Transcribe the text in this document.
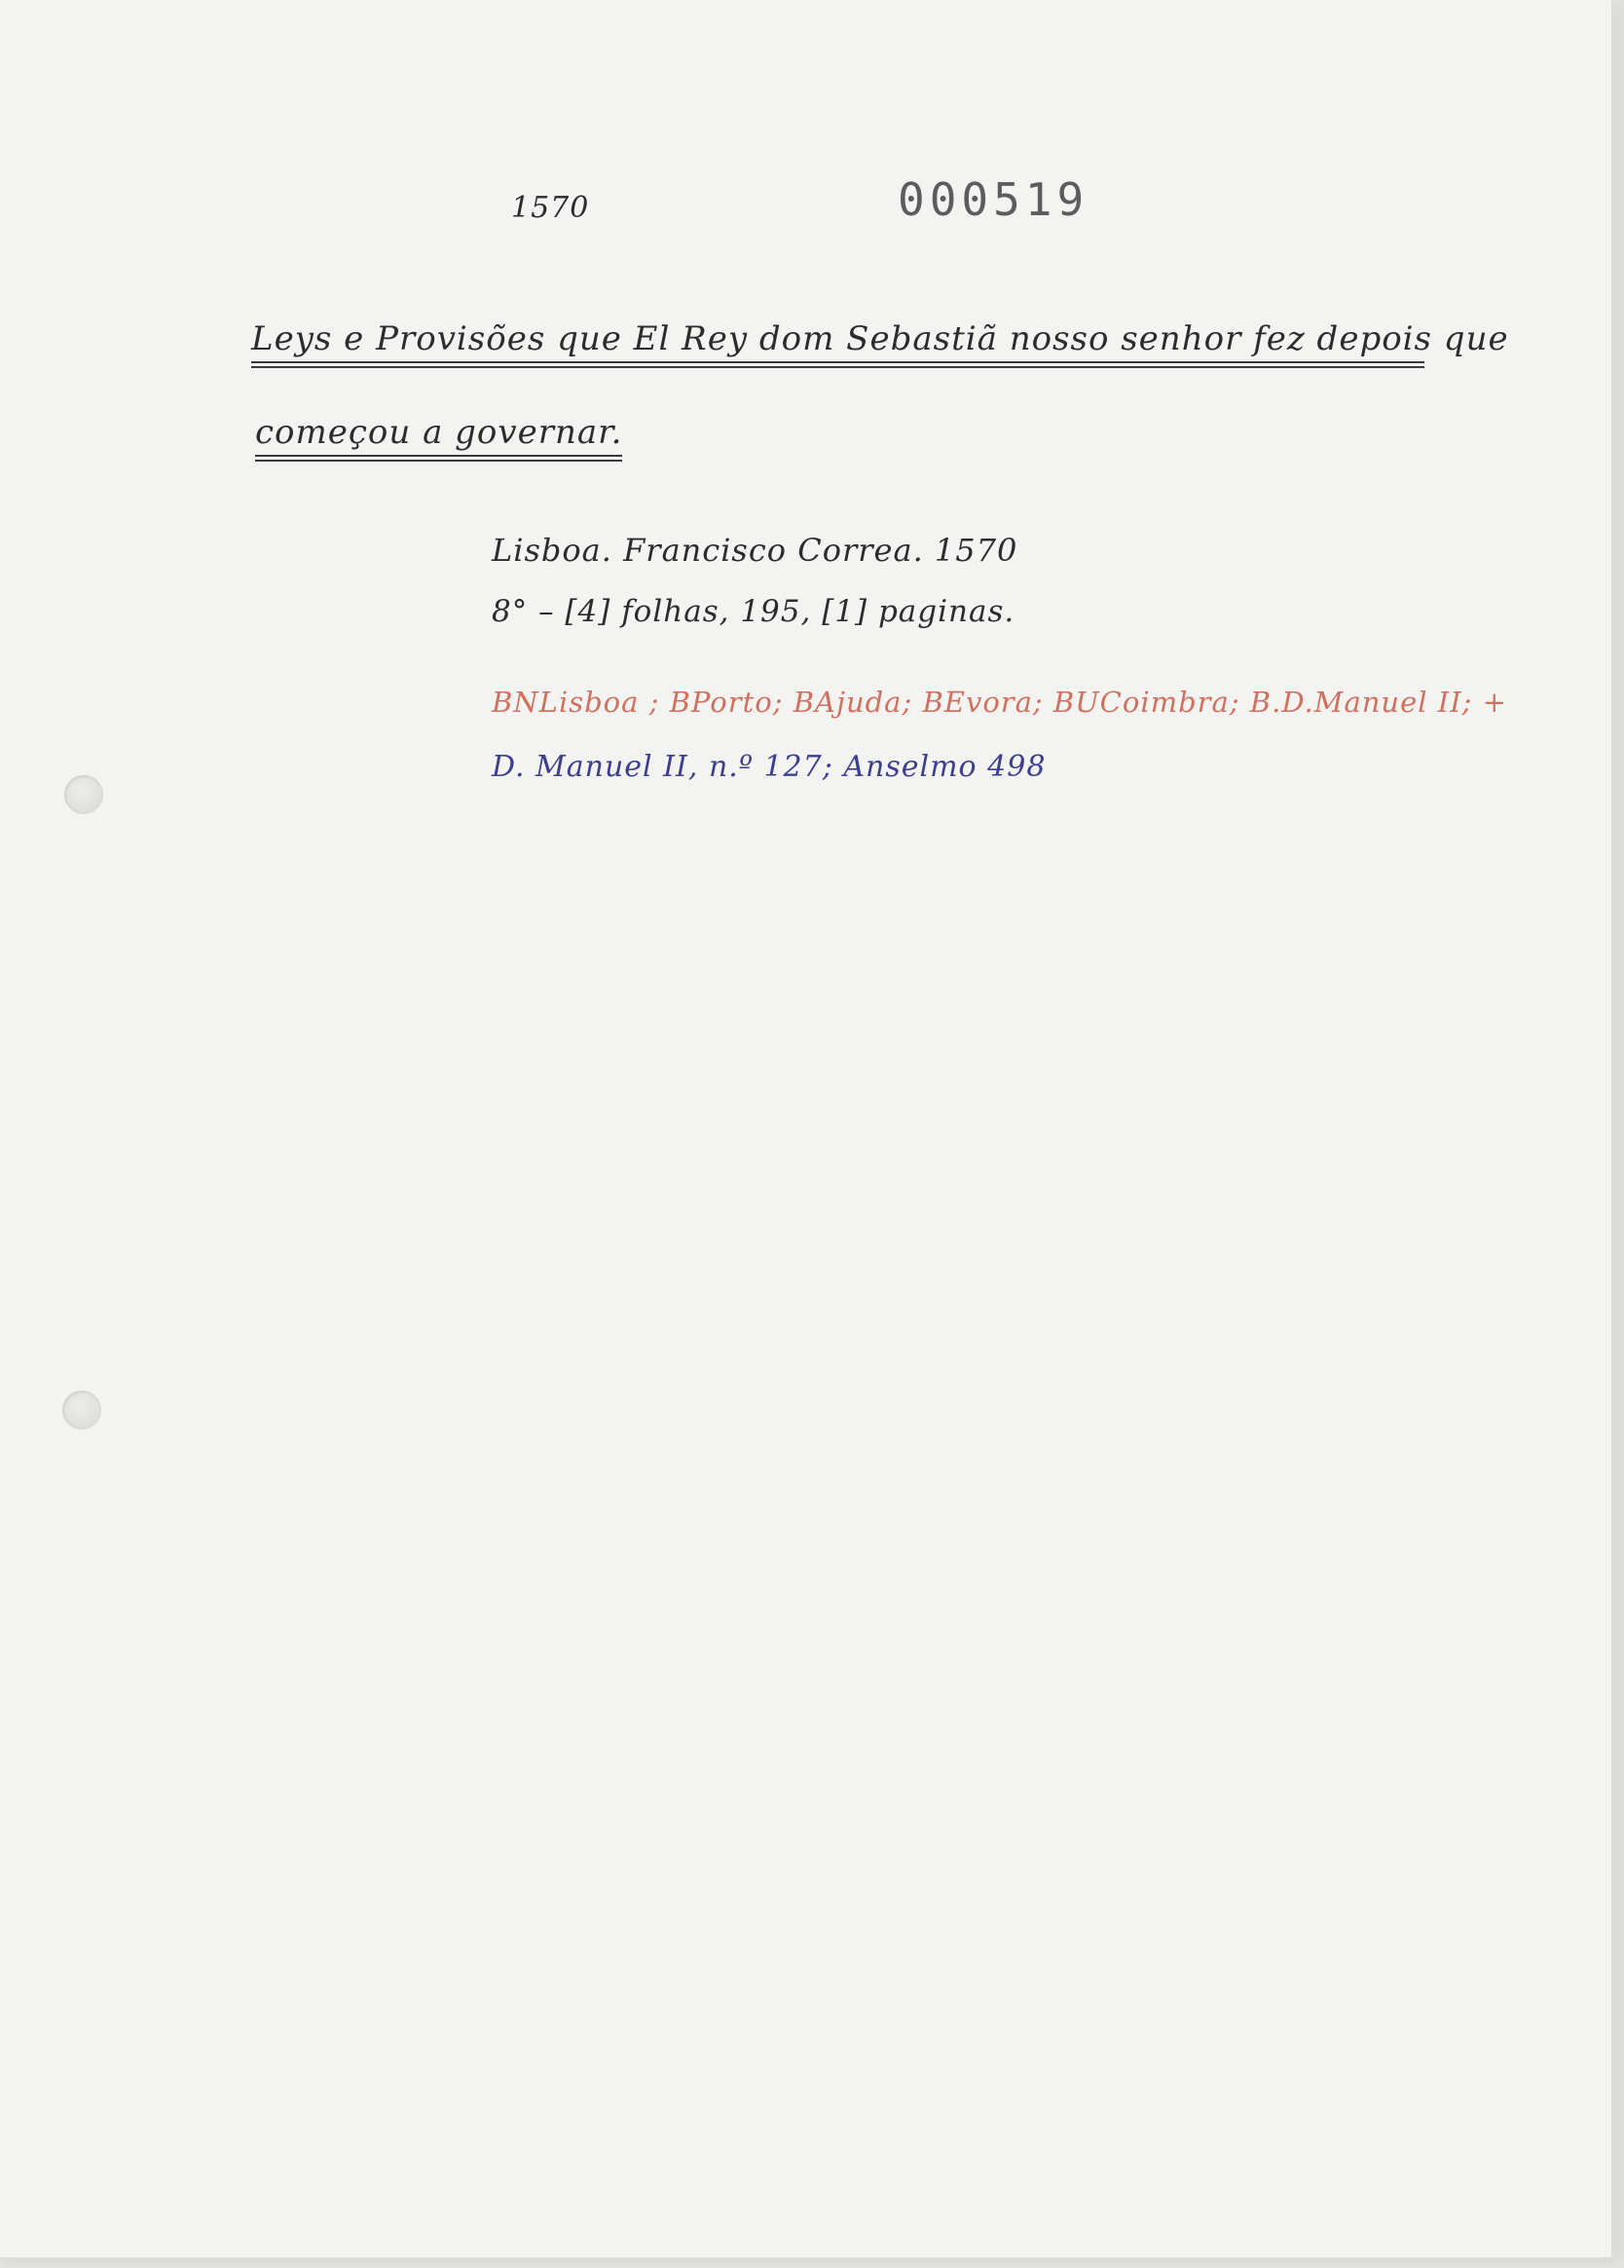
1570	000519
Leys e Provisões que El Rey dom Sebastiã nosso senhor fez depois que
começou a governar.
Lisboa. Francisco Correa. 1570
8° – [4] folhas, 195, [1] paginas.
BNLisboa ; BPorto; BAjuda; BEvora; BUCoimbra; B.D.Manuel II; +
D. Manuel II, n.º 127; Anselmo 498
